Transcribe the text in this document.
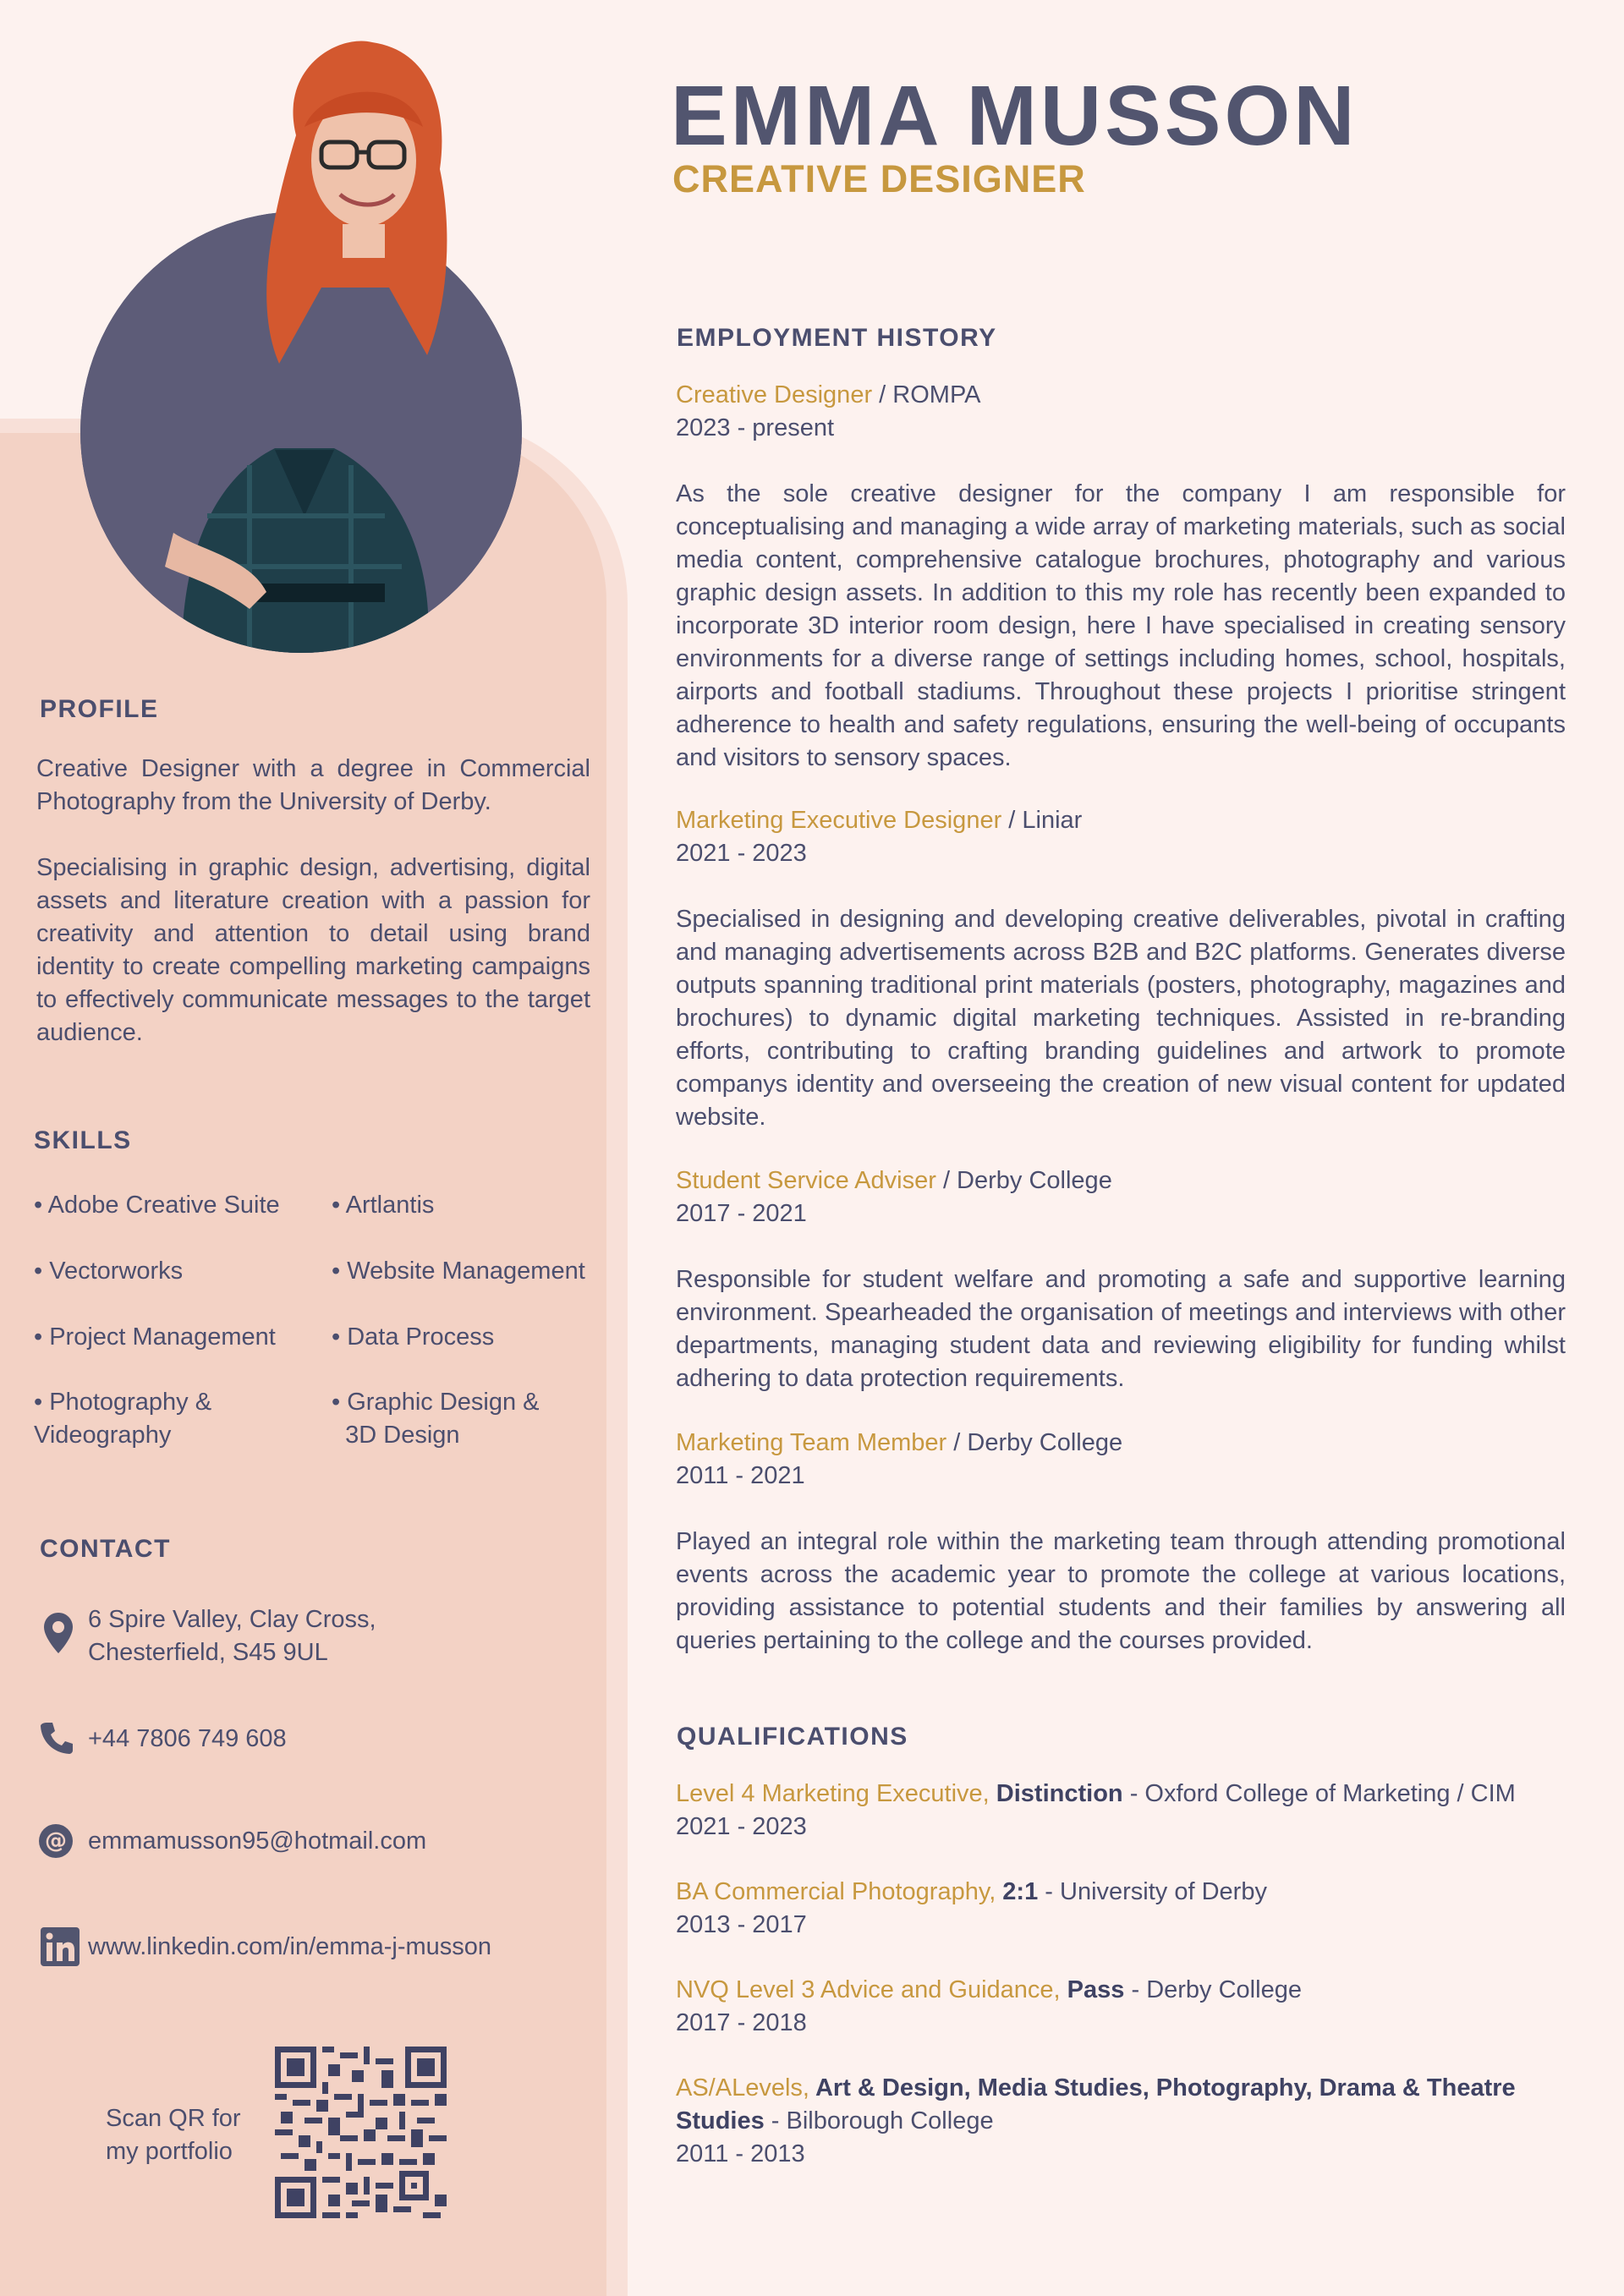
EMMA MUSSON
CREATIVE DESIGNER
PROFILE
Creative Designer with a degree in Commercial Photography from the University of Derby.
Specialising in graphic design, advertising, digital assets and literature creation with a passion for creativity and attention to detail using brand identity to create compelling marketing campaigns to effectively communicate messages to the target audience.
SKILLS
• Adobe Creative Suite • Artlantis
• Vectorworks	• Website Management
• Project Management • Data Process
• Photography &
Videography
• Graphic Design &
3D Design
CONTACT
6 Spire Valley, Clay Cross,
Chesterfield, S45 9UL
+44 7806 749 608
@ emmamusson95@hotmail.com
www.linkedin.com/in/emma-j-musson
Scan QR for
my portfolio
EMPLOYMENT HISTORY
Creative Designer / ROMPA
2023 - present
As the sole creative designer for the company I am responsible for conceptualising and managing a wide array of marketing materials, such as social media content, comprehensive catalogue brochures, photography and various graphic design assets. In addition to this my role has recently been expanded to incorporate 3D interior room design, here I have specialised in creating sensory environments for a diverse range of settings including homes, school, hospitals, airports and football stadiums. Throughout these projects I prioritise stringent adherence to health and safety regulations, ensuring the well-being of occupants and visitors to sensory spaces.
Marketing Executive Designer / Liniar
2021 - 2023
Specialised in designing and developing creative deliverables, pivotal in crafting and managing advertisements across B2B and B2C platforms. Generates diverse outputs spanning traditional print materials (posters, photography, magazines and brochures) to dynamic digital marketing techniques. Assisted in re-branding efforts, contributing to crafting branding guidelines and artwork to promote companys identity and overseeing the creation of new visual content for updated website.
Student Service Adviser / Derby College
2017 - 2021
Responsible for student welfare and promoting a safe and supportive learning environment. Spearheaded the organisation of meetings and interviews with other departments, managing student data and reviewing eligibility for funding whilst adhering to data protection requirements.
Marketing Team Member / Derby College
2011 - 2021
Played an integral role within the marketing team through attending promotional events across the academic year to promote the college at various locations, providing assistance to potential students and their families by answering all queries pertaining to the college and the courses provided.
QUALIFICATIONS
Level 4 Marketing Executive, Distinction - Oxford College of Marketing / CIM
2021 - 2023
BA Commercial Photography, 2:1 - University of Derby
2013 - 2017
NVQ Level 3 Advice and Guidance, Pass - Derby College
2017 - 2018
AS/ALevels, Art & Design, Media Studies, Photography, Drama & Theatre Studies - Bilborough College
2011 - 2013
